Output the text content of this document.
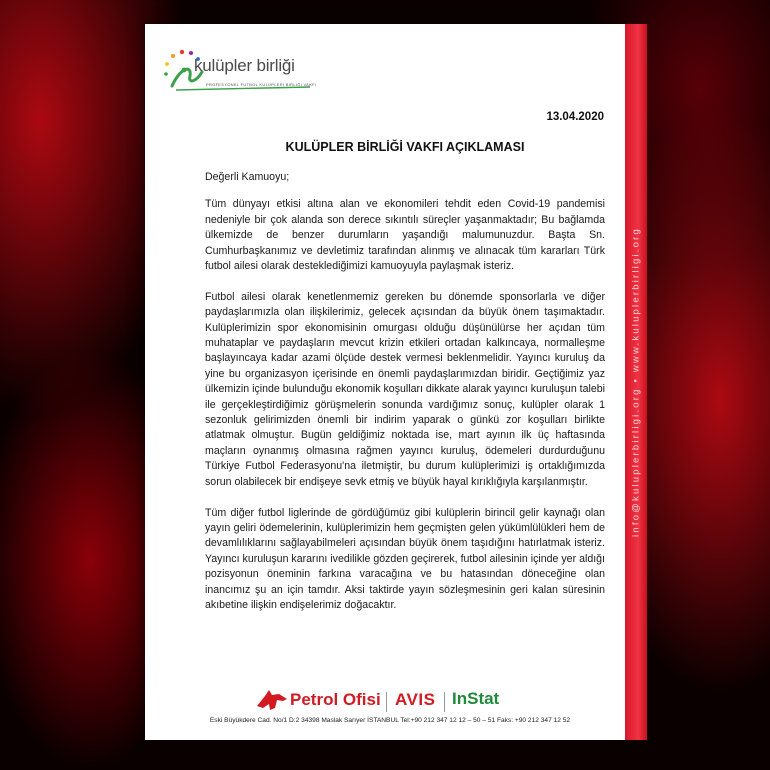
info@kuluplerbirligi.org • www.kuluplerbirligi.org
kulüpler birliği
PROFESYONEL FUTBOL KULÜPLERİ BİRLİĞİ VAKFI
13.04.2020
KULÜPLER BİRLİĞİ VAKFI AÇIKLAMASI

Değerli Kamuoyu;

Tüm dünyayı etkisi altına alan ve ekonomileri tehdit eden Covid-19 pandemisi nedeniyle bir çok alanda son derece sıkıntılı süreçler yaşanmaktadır; Bu bağlamda ülkemizde de benzer durumların yaşandığı malumunuzdur. Başta Sn. Cumhurbaşkanımız ve devletimiz tarafından alınmış ve alınacak tüm kararları Türk futbol ailesi olarak desteklediğimizi kamuoyuyla paylaşmak isteriz.

Futbol ailesi olarak kenetlenmemiz gereken bu dönemde sponsorlarla ve diğer paydaşlarımızla olan ilişkilerimiz, gelecek açısından da büyük önem taşımaktadır. Kulüplerimizin spor ekonomisinin omurgası olduğu düşünülürse her açıdan tüm muhataplar ve paydaşların mevcut krizin etkileri ortadan kalkıncaya, normalleşme başlayıncaya kadar azami ölçüde destek vermesi beklenmelidir. Yayıncı kuruluş da yine bu organizasyon içerisinde en önemli paydaşlarımızdan biridir. Geçtiğimiz yaz ülkemizin içinde bulunduğu ekonomik koşulları dikkate alarak yayıncı kuruluşun talebi ile gerçekleştirdiğimiz görüşmelerin sonunda vardığımız sonuç, kulüpler olarak 1 sezonluk gelirimizden önemli bir indirim yaparak o günkü zor koşulları birlikte atlatmak olmuştur. Bugün geldiğimiz noktada ise, mart ayının ilk üç haftasında maçların oynanmış olmasına rağmen yayıncı kuruluş, ödemeleri durdurduğunu Türkiye Futbol Federasyonu'na iletmiştir, bu durum kulüplerimizi iş ortaklığımızda sorun olabilecek bir endişeye sevk etmiş ve büyük hayal kırıklığıyla karşılanmıştır.

Tüm diğer futbol liglerinde de gördüğümüz gibi kulüplerin birincil gelir kaynağı olan yayın geliri ödemelerinin, kulüplerimizin hem geçmişten gelen yükümlülükleri hem de devamlılıklarını sağlayabilmeleri açısından büyük önem taşıdığını hatırlatmak isteriz. Yayıncı kuruluşun kararını ivedilikle gözden geçirerek, futbol ailesinin içinde yer aldığı pozisyonun öneminin farkına varacağına ve bu hatasından döneceğine olan inancımız şu an için tamdır. Aksi taktirde yayın sözleşmesinin geri kalan süresinin akıbetine ilişkin endişelerimiz doğacaktır.

Petrol Ofisi AVIS InStat
Eski Büyükdere Cad. No/1 D:2 34398 Maslak Sarıyer İSTANBUL Tel:+90 212 347 12 12 – 50 – 51 Faks: +90 212 347 12 52
